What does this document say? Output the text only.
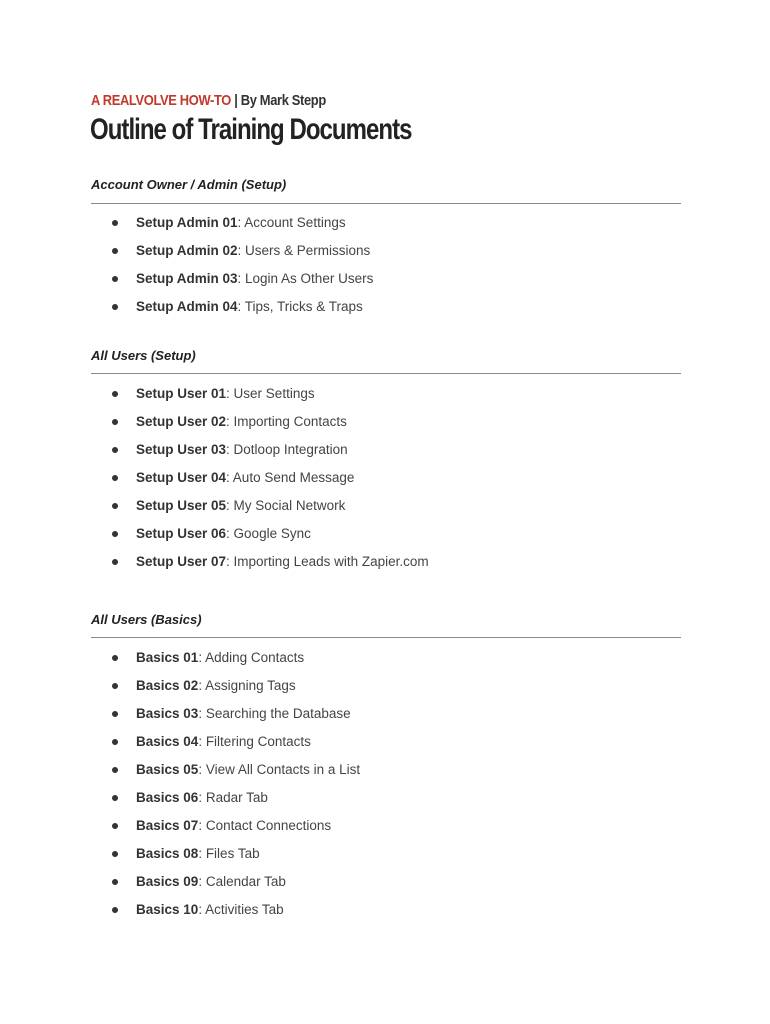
A REALVOLVE HOW-TO | By Mark Stepp
Outline of Training Documents
Account Owner / Admin (Setup)
Setup Admin 01 : Account Settings
Setup Admin 02 : Users & Permissions
Setup Admin 03 : Login As Other Users
Setup Admin 04 : Tips, Tricks & Traps
All Users (Setup)
Setup User 01 : User Settings
Setup User 02 : Importing Contacts
Setup User 03 : Dotloop Integration
Setup User 04 : Auto Send Message
Setup User 05 : My Social Network
Setup User 06 : Google Sync
Setup User 07 : Importing Leads with Zapier.com
All Users (Basics)
Basics 01 : Adding Contacts
Basics 02 : Assigning Tags
Basics 03 : Searching the Database
Basics 04 : Filtering Contacts
Basics 05 : View All Contacts in a List
Basics 06 : Radar Tab
Basics 07 : Contact Connections
Basics 08 : Files Tab
Basics 09 : Calendar Tab
Basics 10 : Activities Tab
